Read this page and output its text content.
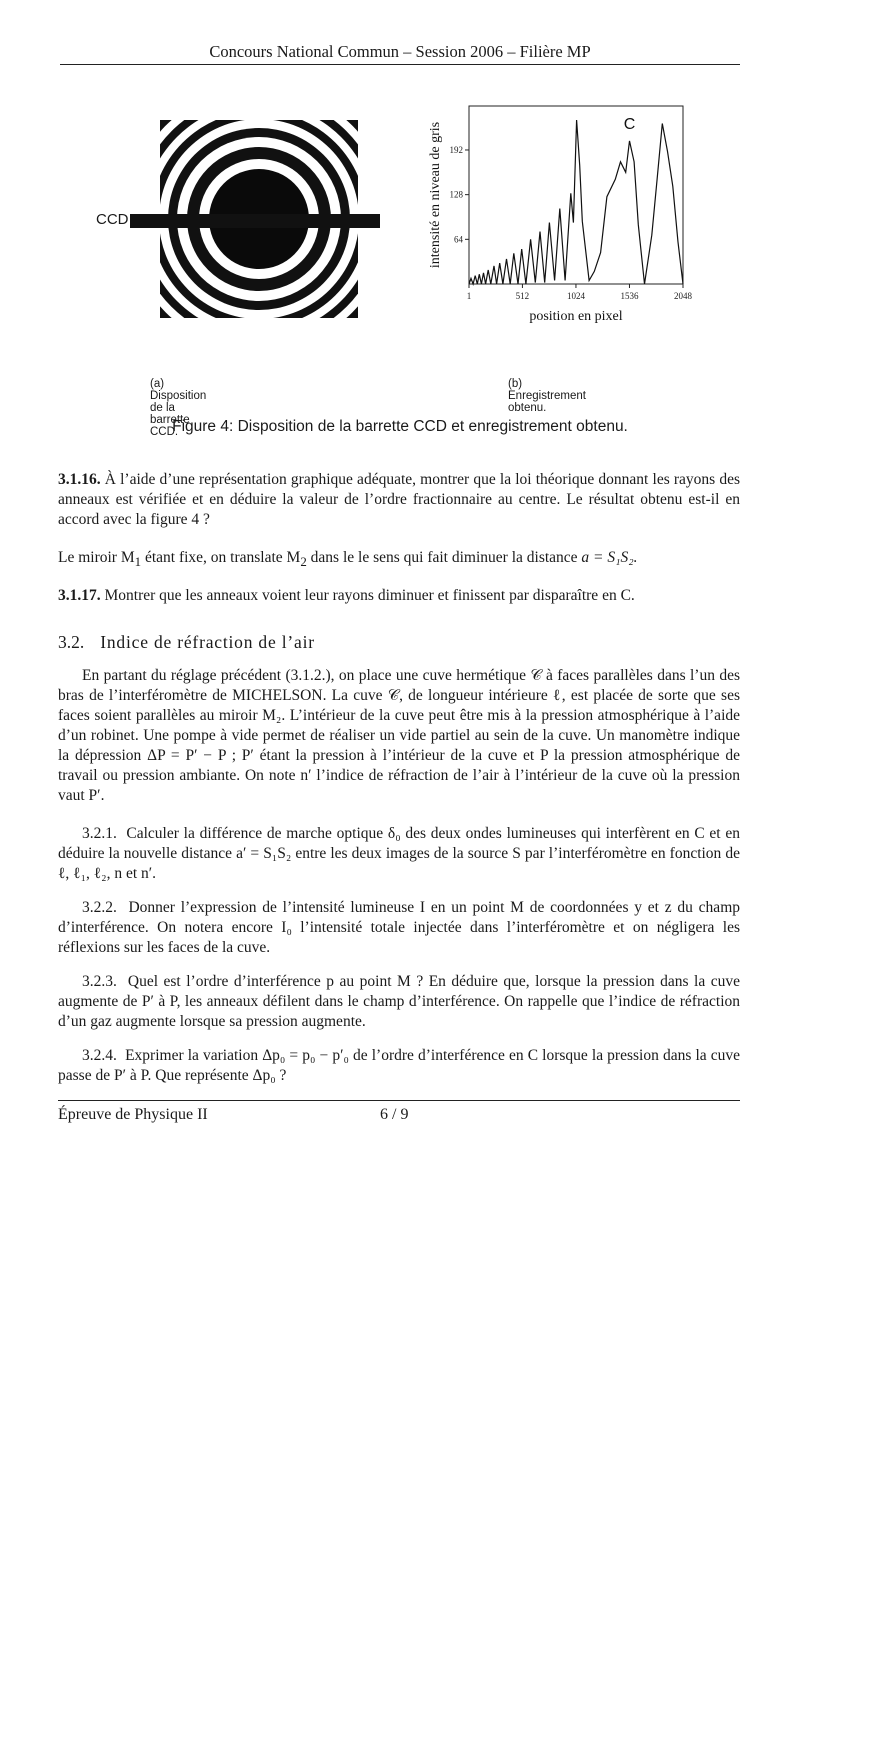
Concours National Commun – Session 2006 – Filière MP
CCD
(a) Disposition de la barrette CCD.
64
128
192
1	512	1024	1536	2048
C
position en pixel
intensité en niveau de gris
(b) Enregistrement obtenu.
Figure 4: Disposition de la barrette CCD et enregistrement obtenu.
3.1.16. À l’aide d’une représentation graphique adéquate, montrer que la loi théorique donnant les rayons des anneaux est vérifiée et en déduire la valeur de l’ordre fractionnaire au centre. Le résultat obtenu est-il en accord avec la figure 4 ?
Le miroir $M_1$ étant fixe, on translate $M_2$ dans le le sens qui fait diminuer la distance a = S₁S₂.
3.1.17. Montrer que les anneaux voient leur rayons diminuer et finissent par disparaître en C.
3.2. Indice de réfraction de l’air
En partant du réglage précédent (3.1.2.), on place une cuve hermétique 𝒞 à faces parallèles dans l’un des bras de l’interféromètre de MICHELSON. La cuve 𝒞, de longueur intérieure ℓ, est placée de sorte que ses faces soient parallèles au miroir M₂. L’intérieur de la cuve peut être mis à la pression atmosphérique à l’aide d’un robinet. Une pompe à vide permet de réaliser un vide partiel au sein de la cuve. Un manomètre indique la dépression ΔP = P′ − P ; P′ étant la pression à l’intérieur de la cuve et P la pression atmosphérique de travail ou pression ambiante. On note n′ l’indice de réfraction de l’air à l’intérieur de la cuve où la pression vaut P′.
3.2.1. Calculer la différence de marche optique δ₀ des deux ondes lumineuses qui interfèrent en C et en déduire la nouvelle distance a′ = S₁S₂ entre les deux images de la source S par l’interféromètre en fonction de ℓ, ℓ₁, ℓ₂, n et n′.
3.2.2. Donner l’expression de l’intensité lumineuse I en un point M de coordonnées y et z du champ d’interférence. On notera encore I₀ l’intensité totale injectée dans l’interféromètre et on négligera les réflexions sur les faces de la cuve.
3.2.3. Quel est l’ordre d’interférence p au point M ? En déduire que, lorsque la pression dans la cuve augmente de P′ à P, les anneaux défilent dans le champ d’interférence. On rappelle que l’indice de réfraction d’un gaz augmente lorsque sa pression augmente.
3.2.4. Exprimer la variation Δp₀ = p₀ − p′₀ de l’ordre d’interférence en C lorsque la pression dans la cuve passe de P′ à P. Que représente Δp₀ ?
Épreuve de Physique II	6 / 9
